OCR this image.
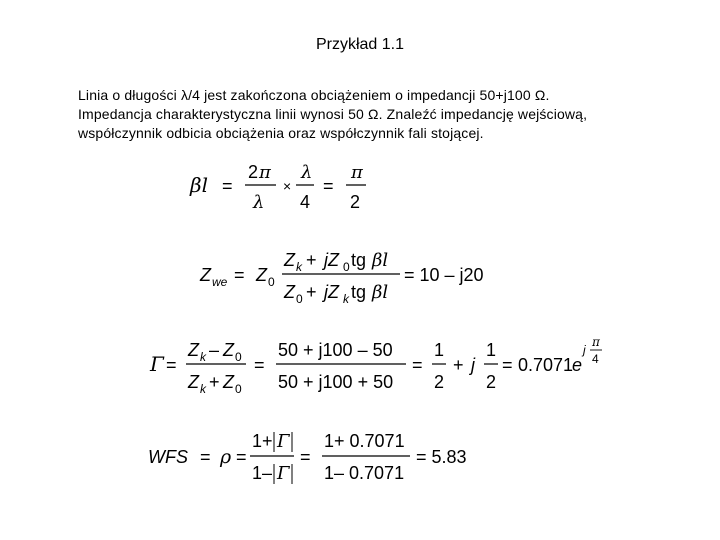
Przykład 1.1
Linia o długości λ/4 jest zakończona obciążeniem o impedancji 50+j100 Ω.
Impedancja charakterystyczna linii wynosi 50 Ω. Znaleźć impedancję wejściową,
współczynnik odbicia obciążenia oraz współczynnik fali stojącej.
βl =
2 π
λ
×
λ
4
=
π
2
Z we = Z 0
Z k + jZ 0 tg βl
Z 0 + jZ k tg βl
= 10 – j20
Γ =
Z k – Z 0
Z k + Z 0
=
50 + j100 – 50
50 + j100 + 50
=
1
2
+ j
1
2
= 0.7071
e
j
π
4
WFS = ρ =
1+ Γ
1– Γ
=
1+ 0.7071
1– 0.7071
= 5.83
